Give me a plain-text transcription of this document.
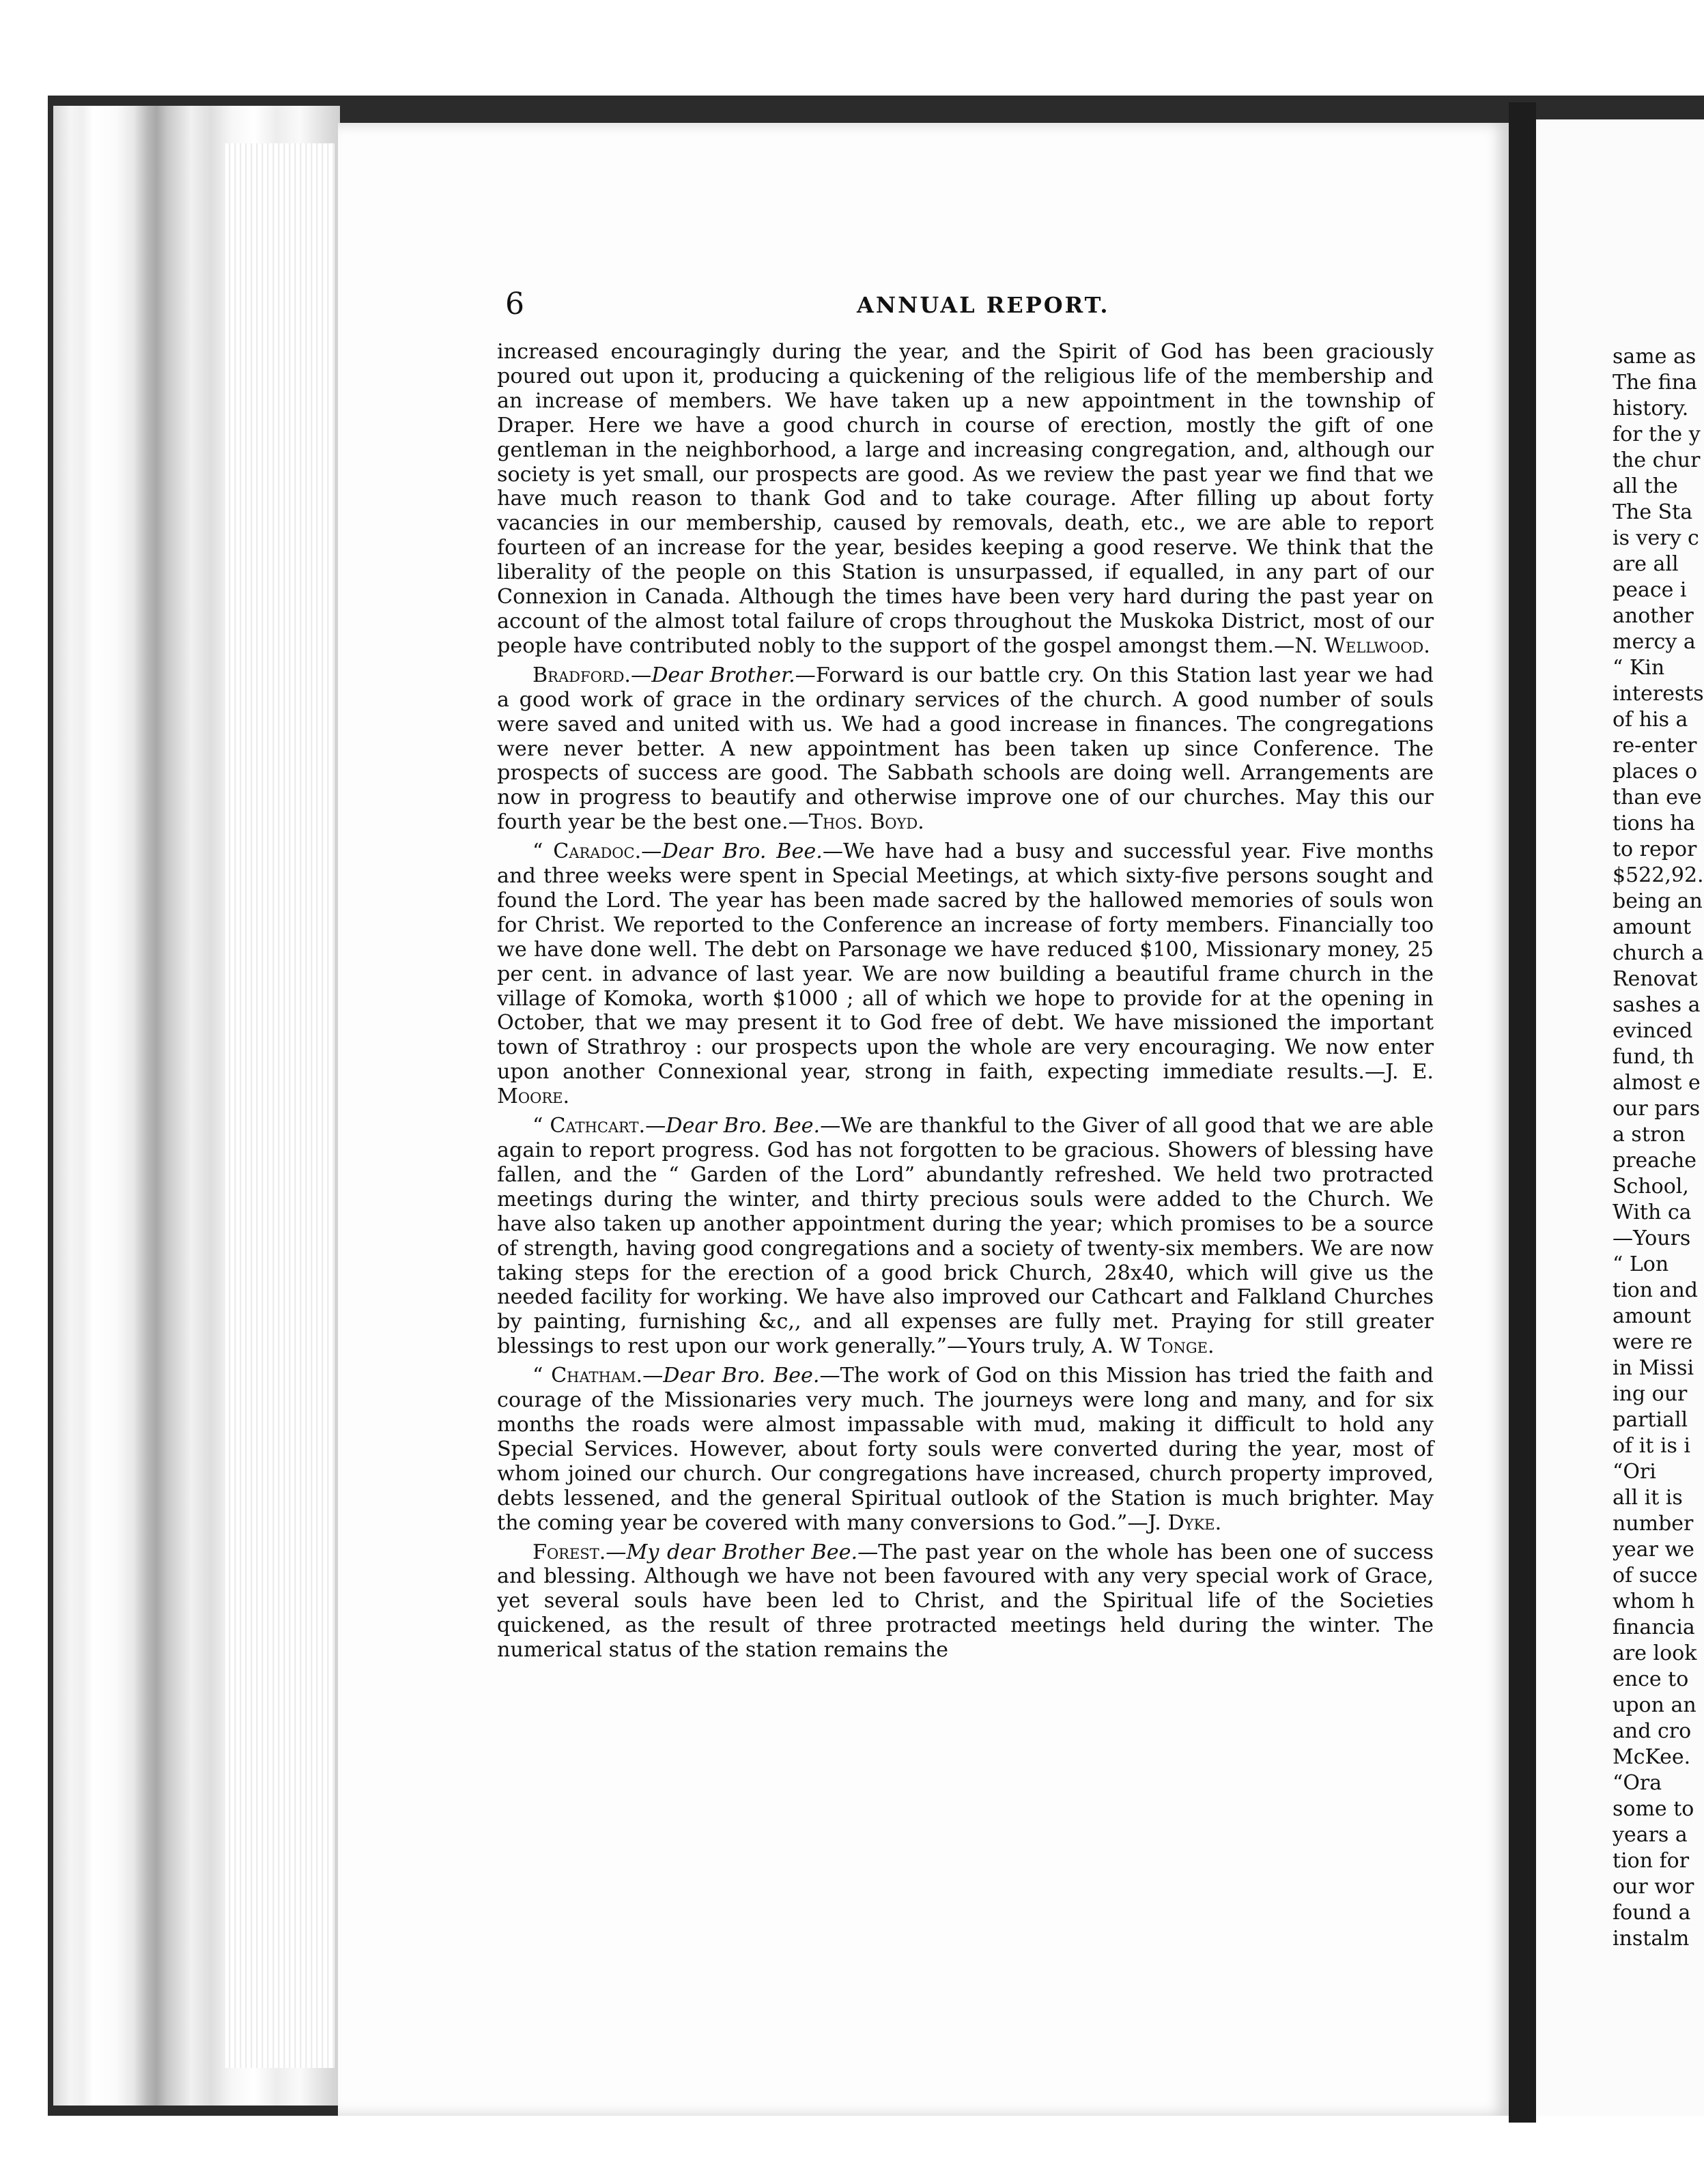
6	ANNUAL REPORT.

increased encouragingly during the year, and the Spirit of God has been graciously poured out upon it, producing a quickening of the religious life of the membership and an increase of members. We have taken up a new appointment in the township of Draper. Here we have a good church in course of erection, mostly the gift of one gentleman in the neighborhood, a large and increasing congregation, and, although our society is yet small, our prospects are good. As we review the past year we find that we have much reason to thank God and to take courage. After filling up about forty vacancies in our membership, caused by removals, death, etc., we are able to report fourteen of an increase for the year, besides keeping a good reserve. We think that the liberality of the people on this Station is unsurpassed, if equalled, in any part of our Connexion in Canada. Although the times have been very hard during the past year on account of the almost total failure of crops throughout the Muskoka District, most of our people have contributed nobly to the support of the gospel amongst them.—N. Wellwood.

Bradford.—Dear Brother.—Forward is our battle cry. On this Station last year we had a good work of grace in the ordinary services of the church. A good number of souls were saved and united with us. We had a good increase in finances. The congregations were never better. A new appointment has been taken up since Conference. The prospects of success are good. The Sabbath schools are doing well. Arrangements are now in progress to beautify and otherwise improve one of our churches. May this our fourth year be the best one.—Thos. Boyd.

“ Caradoc.—Dear Bro. Bee.—We have had a busy and successful year. Five months and three weeks were spent in Special Meetings, at which sixty-five persons sought and found the Lord. The year has been made sacred by the hallowed memories of souls won for Christ. We reported to the Conference an increase of forty members. Financially too we have done well. The debt on Parsonage we have reduced $100, Missionary money, 25 per cent. in advance of last year. We are now building a beautiful frame church in the village of Komoka, worth $1000 ; all of which we hope to provide for at the opening in October, that we may present it to God free of debt. We have missioned the important town of Strathroy : our prospects upon the whole are very encouraging. We now enter upon another Connexional year, strong in faith, expecting immediate results.—J. E. Moore.

“ Cathcart.—Dear Bro. Bee.—We are thankful to the Giver of all good that we are able again to report progress. God has not forgotten to be gracious. Showers of blessing have fallen, and the “ Garden of the Lord” abundantly refreshed. We held two protracted meetings during the winter, and thirty precious souls were added to the Church. We have also taken up another appointment during the year; which promises to be a source of strength, having good congregations and a society of twenty-six members. We are now taking steps for the erection of a good brick Church, 28x40, which will give us the needed facility for working. We have also improved our Cathcart and Falkland Churches by painting, furnishing &c,, and all expenses are fully met. Praying for still greater blessings to rest upon our work generally.”—Yours truly, A. W Tonge.

“ Chatham.—Dear Bro. Bee.—The work of God on this Mission has tried the faith and courage of the Missionaries very much. The journeys were long and many, and for six months the roads were almost impassable with mud, making it difficult to hold any Special Services. However, about forty souls were converted during the year, most of whom joined our church. Our congregations have increased, church property improved, debts lessened, and the general Spiritual outlook of the Station is much brighter. May the coming year be covered with many conversions to God.”—J. Dyke.

Forest.—My dear Brother Bee.—The past year on the whole has been one of success and blessing. Although we have not been favoured with any very special work of Grace, yet several souls have been led to Christ, and the Spiritual life of the Societies quickened, as the result of three protracted meetings held during the winter. The numerical status of the station remains the

same as
The fina
history.
for the y
the chur
all the
The Sta
is very c
are all
peace i
another
mercy a
“ Kin
interests
of his a
re-enter
places o
than eve
tions ha
to repor
$522,92.
being an
amount
church a
Renovat
sashes a
evinced
fund, th
almost e
our pars
a stron
preache
School,
With ca
—Yours
“ Lon
tion and
amount
were re
in Missi
ing our
partiall
of it is i
“Ori
all it is
number
year we
of succe
whom h
financia
are look
ence to
upon an
and cro
McKee.
“Ora
some to
years a
tion for
our wor
found a
instalm
